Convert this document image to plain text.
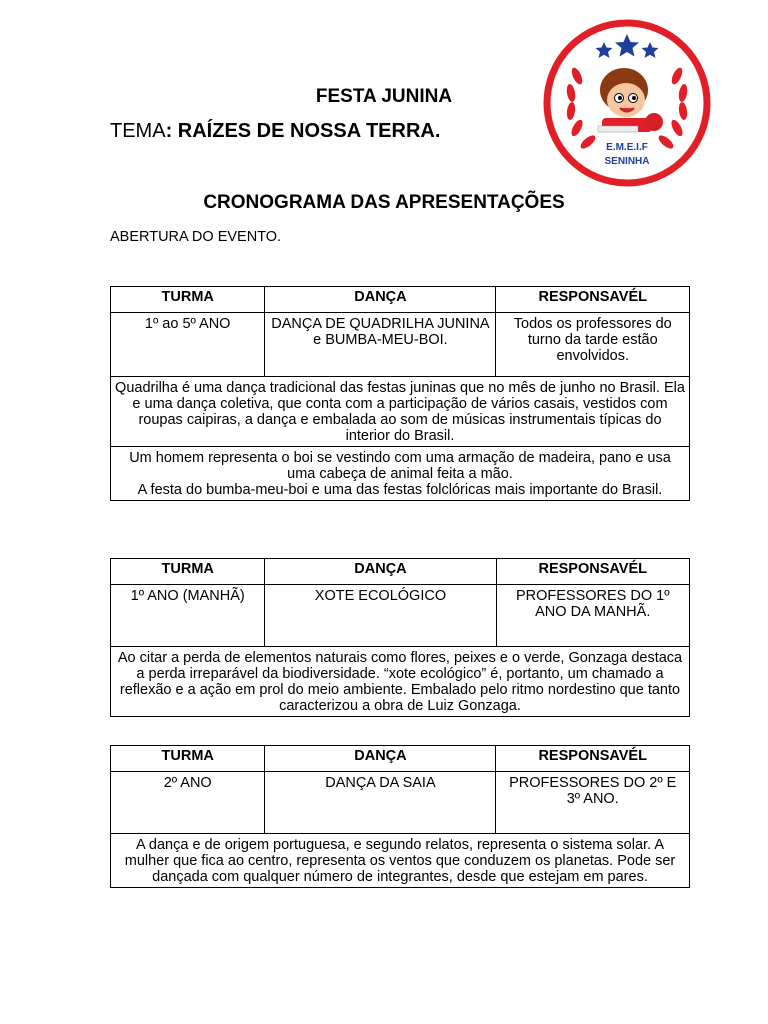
E.M.E.I.F
SENINHA
FESTA JUNINA
TEMA: RAÍZES DE NOSSA TERRA.
CRONOGRAMA DAS APRESENTAÇÕES
ABERTURA DO EVENTO.
TURMA	DANÇA	RESPONSAVÉL
1º ao 5º ANO	DANÇA DE QUADRILHA JUNINA e BUMBA-MEU-BOI.	Todos os professores do turno da tarde estão envolvidos.
Quadrilha é uma dança tradicional das festas juninas que no mês de junho no Brasil. Ela e uma dança coletiva, que conta com a participação de vários casais, vestidos com roupas caipiras, a dança e embalada ao som de músicas instrumentais típicas do interior do Brasil.		

Um homem representa o boi se vestindo com uma armação de madeira, pano e usa uma cabeça de animal feita a mão.
A festa do bumba-meu-boi e uma das festas folclóricas mais importante do Brasil.		
TURMA	DANÇA	RESPONSAVÉL
1º ANO (MANHÃ)	XOTE ECOLÓGICO	PROFESSORES DO 1º ANO DA MANHÃ.
Ao citar a perda de elementos naturais como flores, peixes e o verde, Gonzaga destaca a perda irreparável da biodiversidade. “xote ecológico” é, portanto, um chamado a reflexão e a ação em prol do meio ambiente. Embalado pelo ritmo nordestino que tanto caracterizou a obra de Luiz Gonzaga.		
TURMA	DANÇA	RESPONSAVÉL
2º ANO	DANÇA DA SAIA	PROFESSORES DO 2º E 3º ANO.
A dança e de origem portuguesa, e segundo relatos, representa o sistema solar. A mulher que fica ao centro, representa os ventos que conduzem os planetas. Pode ser dançada com qualquer número de integrantes, desde que estejam em pares.		
